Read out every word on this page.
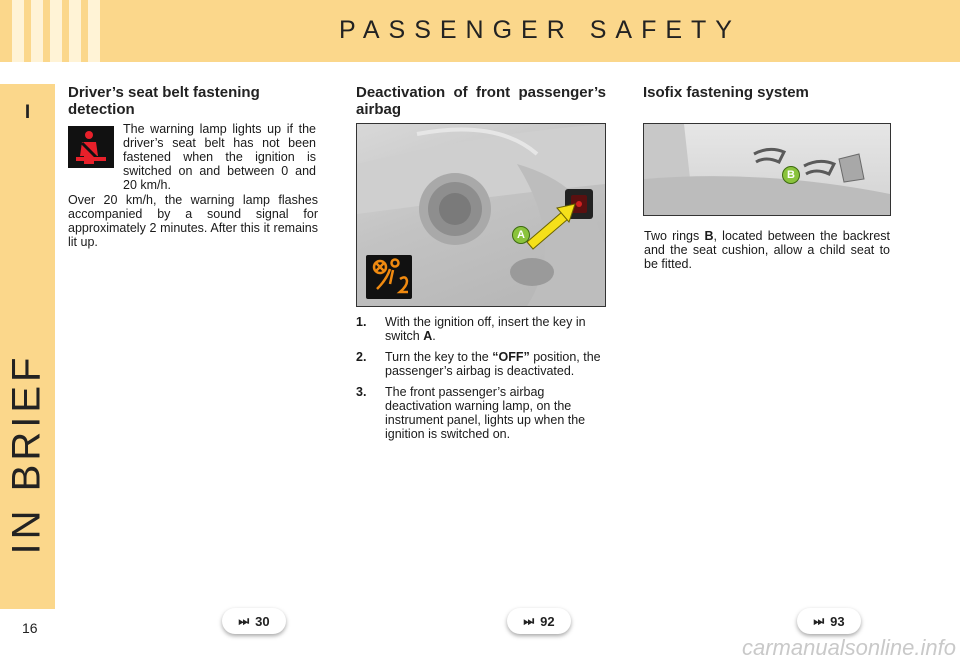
PASSENGER SAFETY
I
IN BRIEF
16
Driver’s seat belt fastening detection

The warning lamp lights up if the driver’s seat belt has not been fastened when the ignition is switched on and between 0 and 20 km/h.

Over 20 km/h, the warning lamp flashes accompanied by a sound signal for approximately 2 minutes. After this it remains lit up.

Deactivation of front passenger’s airbag
A
1. With the ignition off, insert the key in switch A.
2. Turn the key to the “OFF” position, the passenger’s airbag is deactivated.
3. The front passenger’s airbag deactivation warning lamp, on the instrument panel, lights up when the ignition is switched on.
Isofix fastening system
B

Two rings B, located between the backrest and the seat cushion, allow a child seat to be fitted.

⏭ 30	⏭ 92	⏭ 93
carmanualsonline.info
